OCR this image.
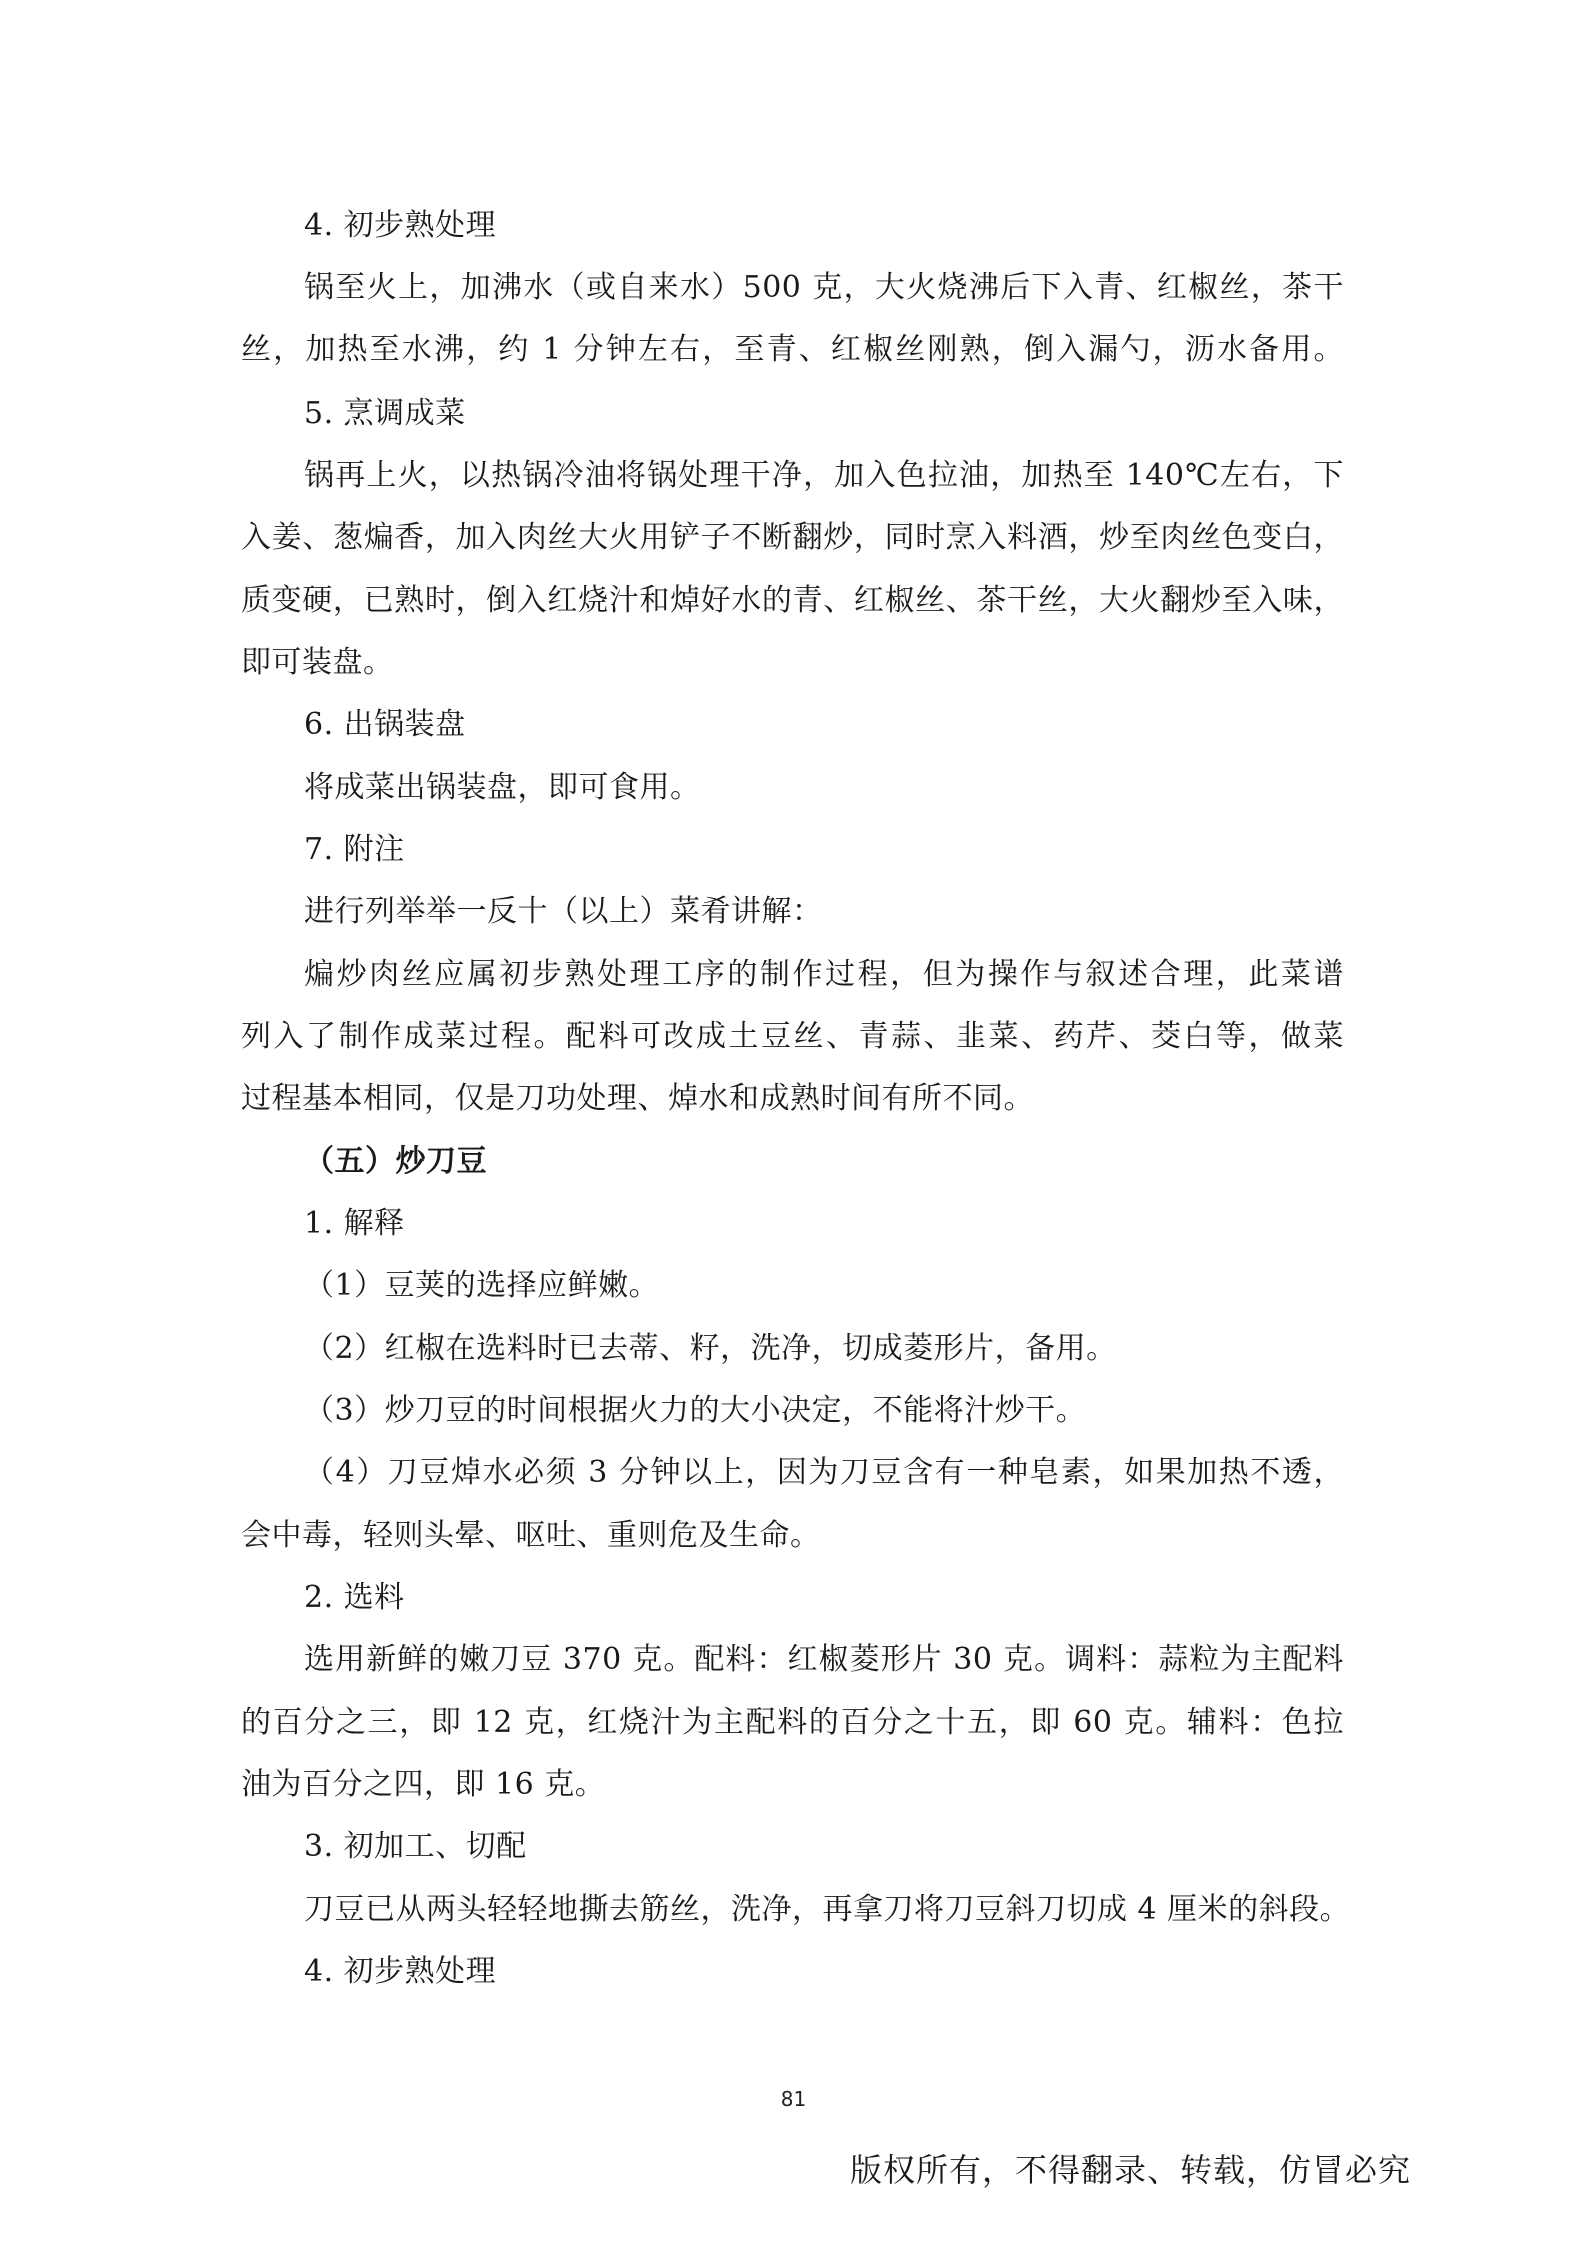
4. 初步熟处理
锅至火上，加沸水（或自来水）500 克，大火烧沸后下入青、红椒丝，茶干
丝，加热至水沸，约 1 分钟左右，至青、红椒丝刚熟，倒入漏勺，沥水备用。
5. 烹调成菜
锅再上火，以热锅冷油将锅处理干净，加入色拉油，加热至 140℃左右，下
入姜、葱煸香，加入肉丝大火用铲子不断翻炒，同时烹入料酒，炒至肉丝色变白，
质变硬，已熟时，倒入红烧汁和焯好水的青、红椒丝、茶干丝，大火翻炒至入味，
即可装盘。
6. 出锅装盘
将成菜出锅装盘，即可食用。
7. 附注
进行列举举一反十（以上）菜肴讲解：
煸炒肉丝应属初步熟处理工序的制作过程，但为操作与叙述合理，此菜谱
列入了制作成菜过程。配料可改成土豆丝、青蒜、韭菜、药芹、茭白等，做菜
过程基本相同，仅是刀功处理、焯水和成熟时间有所不同。
（五）炒刀豆
1. 解释
（1）豆荚的选择应鲜嫩。
（2）红椒在选料时已去蒂、籽，洗净，切成菱形片，备用。
（3）炒刀豆的时间根据火力的大小决定，不能将汁炒干。
（4）刀豆焯水必须 3 分钟以上，因为刀豆含有一种皂素，如果加热不透，
会中毒，轻则头晕、呕吐、重则危及生命。
2. 选料
选用新鲜的嫩刀豆 370 克。配料：红椒菱形片 30 克。调料：蒜粒为主配料
的百分之三，即 12 克，红烧汁为主配料的百分之十五，即 60 克。辅料：色拉
油为百分之四，即 16 克。
3. 初加工、切配
刀豆已从两头轻轻地撕去筋丝，洗净，再拿刀将刀豆斜刀切成 4 厘米的斜段。
4. 初步熟处理
81
版权所有，不得翻录、转载，仿冒必究
